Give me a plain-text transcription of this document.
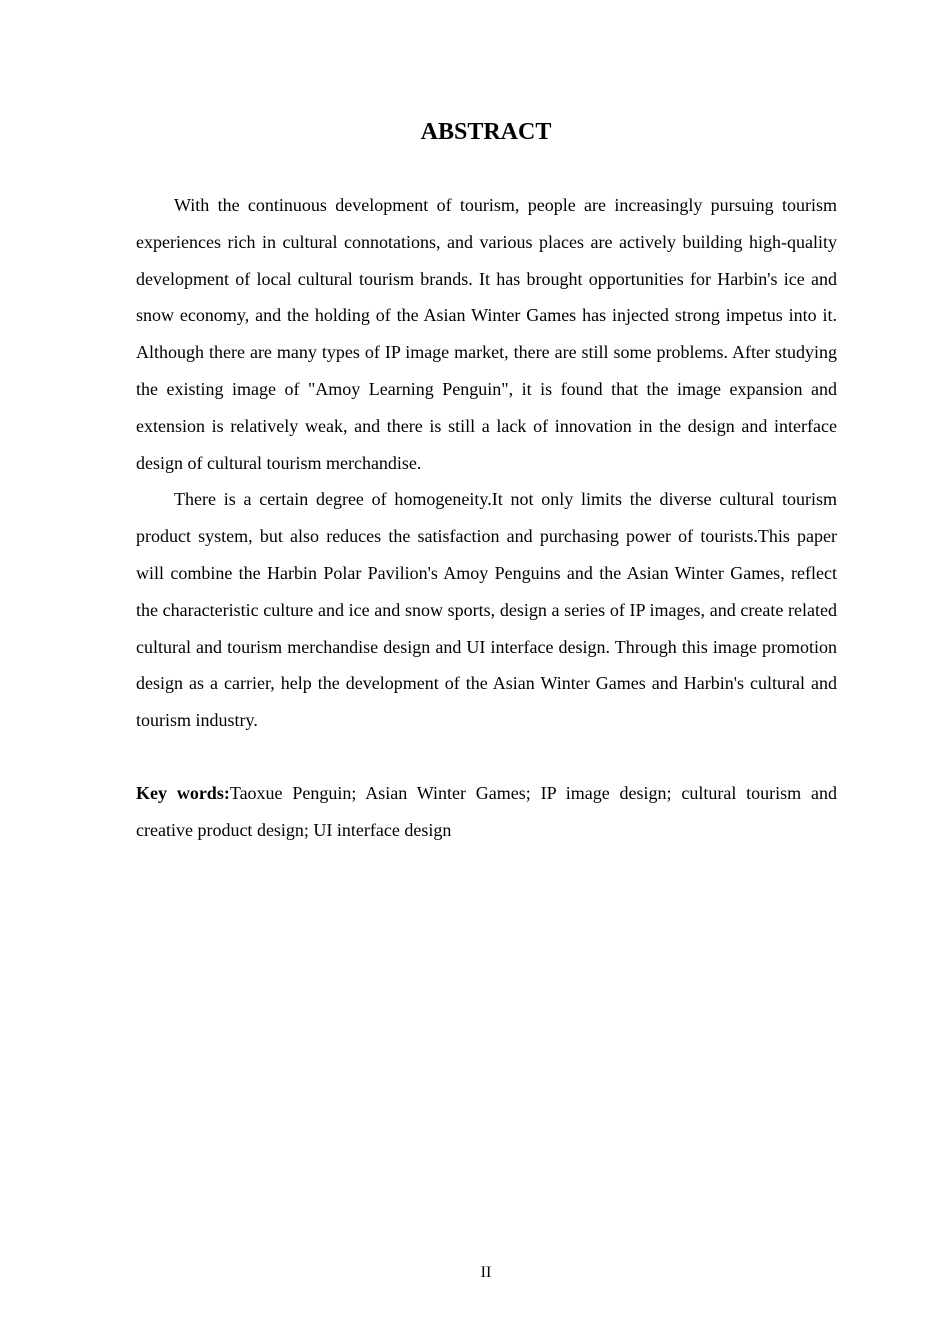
ABSTRACT

With the continuous development of tourism, people are increasingly pursuing tourism experiences rich in cultural connotations, and various places are actively building high-quality development of local cultural tourism brands. It has brought opportunities for Harbin's ice and snow economy, and the holding of the Asian Winter Games has injected strong impetus into it. Although there are many types of IP image market, there are still some problems. After studying the existing image of "Amoy Learning Penguin", it is found that the image expansion and extension is relatively weak, and there is still a lack of innovation in the design and interface design of cultural tourism merchandise.

There is a certain degree of homogeneity.It not only limits the diverse cultural tourism product system, but also reduces the satisfaction and purchasing power of tourists.This paper will combine the Harbin Polar Pavilion's Amoy Penguins and the Asian Winter Games, reflect the characteristic culture and ice and snow sports, design a series of IP images, and create related cultural and tourism merchandise design and UI interface design. Through this image promotion design as a carrier, help the development of the Asian Winter Games and Harbin's cultural and tourism industry.

Key words:Taoxue Penguin; Asian Winter Games; IP image design; cultural tourism and creative product design; UI interface design

II
